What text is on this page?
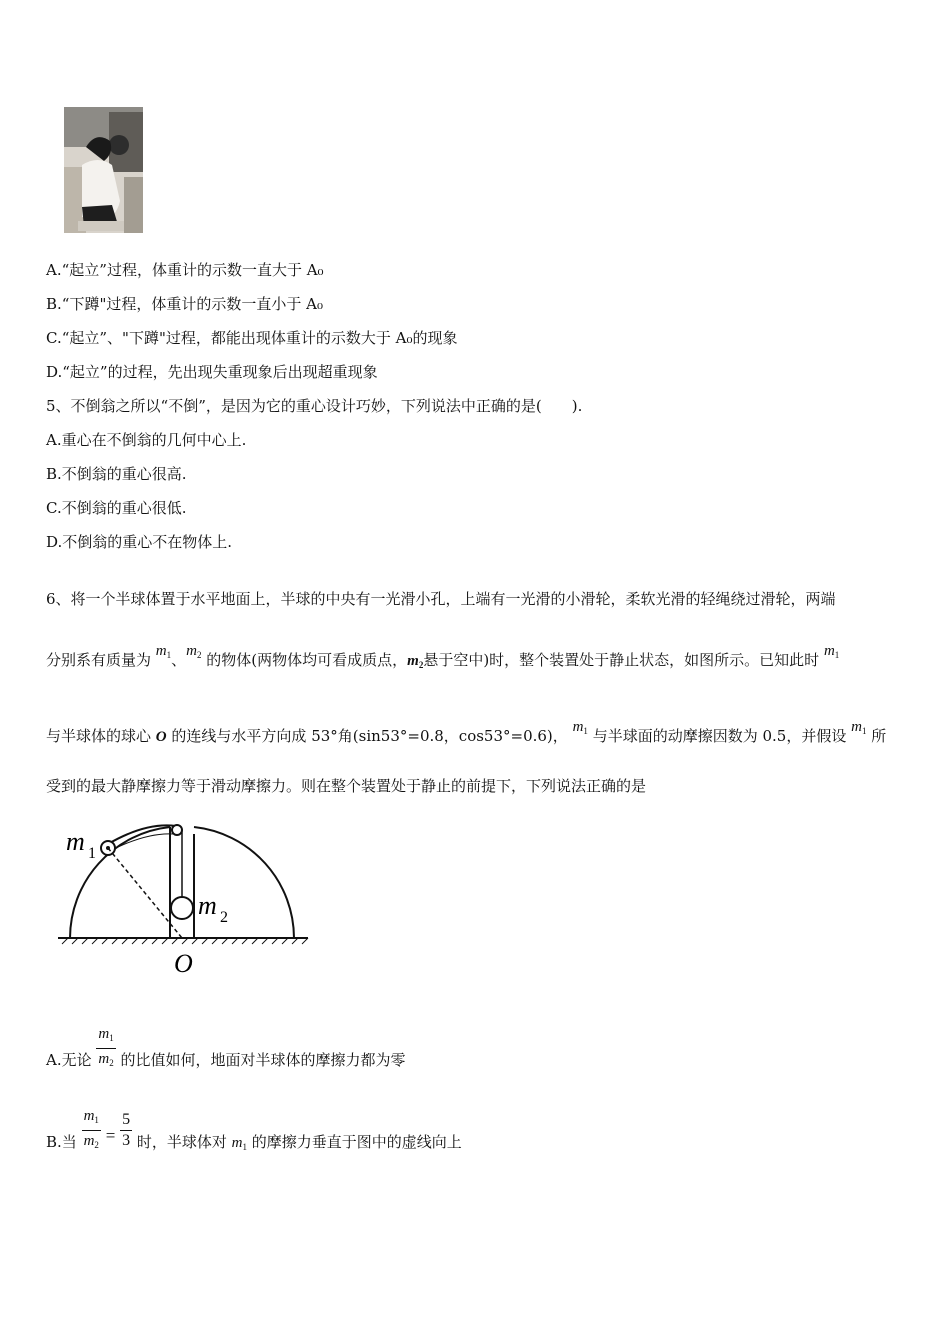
A.“起立”过程，体重计的示数一直大于 A₀
B.“下蹲"过程，体重计的示数一直小于 A₀
C.“起立”、"下蹲"过程，都能出现体重计的示数大于 A₀的现象
D.“起立”的过程，先出现失重现象后出现超重现象
5、不倒翁之所以“不倒”，是因为它的重心设计巧妙，下列说法中正确的是(　　).
A.重心在不倒翁的几何中心上.
B.不倒翁的重心很高.
C.不倒翁的重心很低.
D.不倒翁的重心不在物体上.
6、将一个半球体置于水平地面上，半球的中央有一光滑小孔，上端有一光滑的小滑轮，柔软光滑的轻绳绕过滑轮，两端
分别系有质量为 $m_1$、$m_2$ 的物体(两物体均可看成质点，$m_2$悬于空中)时，整个装置处于静止状态，如图所示。已知此时 $m_1$
与半球体的球心 O 的连线与水平方向成 53°角(sin53°=0.8，cos53°=0.6)， $m_1$ 与半球面的动摩擦因数为 0.5，并假设 $m_1$ 所
受到的最大静摩擦力等于滑动摩擦力。则在整个装置处于静止的前提下，下列说法正确的是
m 1
m 2
O
A.无论 $\frac{m_1}{m_2}$ 的比值如何，地面对半球体的摩擦力都为零
B.当 $\frac{m_1}{m_2} = \frac{5}{3}$ 时，半球体对 $m_1$ 的摩擦力垂直于图中的虚线向上
